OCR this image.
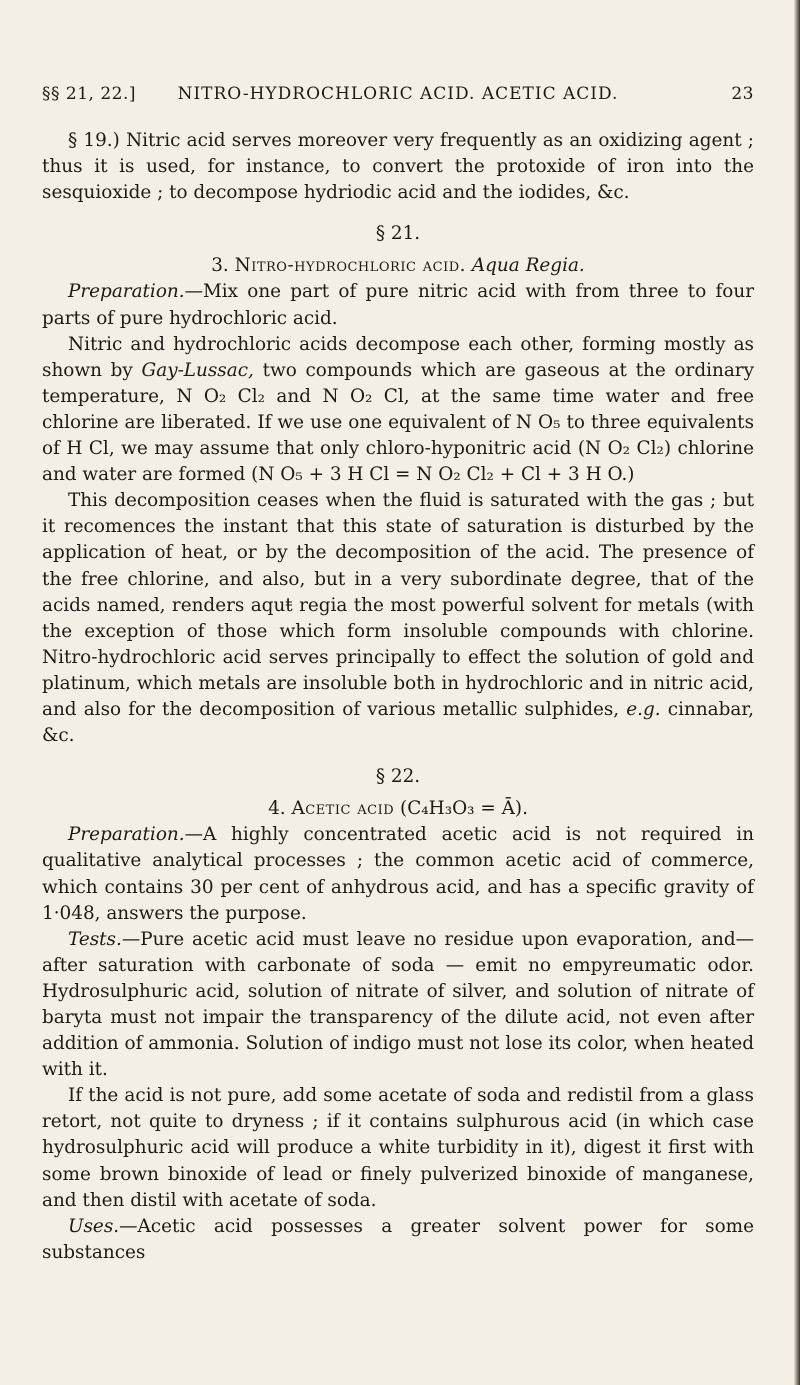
§§ 21, 22.]	NITRO-HYDROCHLORIC ACID. ACETIC ACID.	23

§ 19.) Nitric acid serves moreover very frequently as an oxidizing agent ; thus it is used, for instance, to convert the protoxide of iron into the sesquioxide ; to decompose hydriodic acid and the iodides, &c.

§ 21.

3. Nitro-hydrochloric acid. Aqua Regia.

Preparation.—Mix one part of pure nitric acid with from three to four parts of pure hydrochloric acid.

Nitric and hydrochloric acids decompose each other, forming mostly as shown by Gay-Lussac, two compounds which are gaseous at the ordinary temperature, N O₂ Cl₂ and N O₂ Cl, at the same time water and free chlorine are liberated. If we use one equivalent of N O₅ to three equivalents of H Cl, we may assume that only chloro-hyponitric acid (N O₂ Cl₂) chlorine and water are formed (N O₅ + 3 H Cl = N O₂ Cl₂ + Cl + 3 H O.)

This decomposition ceases when the fluid is saturated with the gas ; but it recomences the instant that this state of saturation is disturbed by the application of heat, or by the decomposition of the acid. The presence of the free chlorine, and also, but in a very subordinate degree, that of the acids named, renders aquŧ regia the most powerful solvent for metals (with the exception of those which form insoluble compounds with chlorine. Nitro-hydrochloric acid serves principally to effect the solution of gold and platinum, which metals are insoluble both in hydrochloric and in nitric acid, and also for the decomposition of various metallic sulphides, e.g. cinnabar, &c.

§ 22.

4. Acetic acid (C₄H₃O₃ = Ā).

Preparation.—A highly concentrated acetic acid is not required in qualitative analytical processes ; the common acetic acid of commerce, which contains 30 per cent of anhydrous acid, and has a specific gravity of 1·048, answers the purpose.

Tests.—Pure acetic acid must leave no residue upon evaporation, and— after saturation with carbonate of soda — emit no empyreumatic odor. Hydrosulphuric acid, solution of nitrate of silver, and solution of nitrate of baryta must not impair the transparency of the dilute acid, not even after addition of ammonia. Solution of indigo must not lose its color, when heated with it.

If the acid is not pure, add some acetate of soda and redistil from a glass retort, not quite to dryness ; if it contains sulphurous acid (in which case hydrosulphuric acid will produce a white turbidity in it), digest it first with some brown binoxide of lead or finely pulverized binoxide of manganese, and then distil with acetate of soda.

Uses.—Acetic acid possesses a greater solvent power for some substances
